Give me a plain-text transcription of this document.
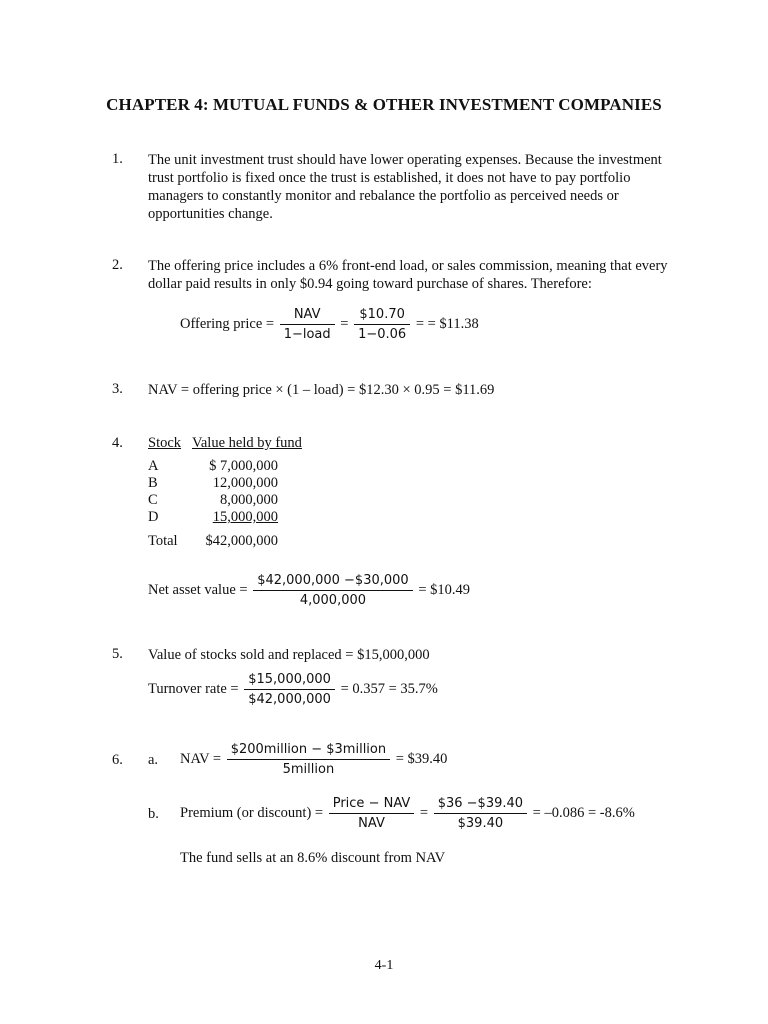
CHAPTER 4: MUTUAL FUNDS & OTHER INVESTMENT COMPANIES
1. The unit investment trust should have lower operating expenses. Because the investment trust portfolio is fixed once the trust is established, it does not have to pay portfolio managers to constantly monitor and rebalance the portfolio as perceived needs or opportunities change.
2. The offering price includes a 6% front-end load, or sales commission, meaning that every dollar paid results in only $0.94 going toward purchase of shares. Therefore:
Offering price = $\frac{\text{NAV}}{\text{1−load}} = \frac{\$10.70}{1-0.06}$ = = $11.38
3. NAV = offering price × (1 – load) = $12.30 × 0.95 = $11.69
4. Stock Value held by fund
A	$ 7,000,000
B	12,000,000
C	8,000,000
D	15,000,000
Total $42,000,000
Net asset value = $\frac{\$42,000,000 -\$30,000}{4,000,000}$ = $10.49
5. Value of stocks sold and replaced = $15,000,000
Turnover rate = $\frac{\$15,000,000}{\$42,000,000} = 0.357 = 35.7\%$
6. a. NAV = $\frac{\text{\$200million − \$3million}}{\text{5million}}$ = $39.40
b. Premium (or discount) = $\frac{\text{Price − NAV}}{\text{NAV}} = \frac{\$36 -\$39.40}{\$39.40} = -0.086 = -8.6\%$
The fund sells at an 8.6% discount from NAV
4-1
